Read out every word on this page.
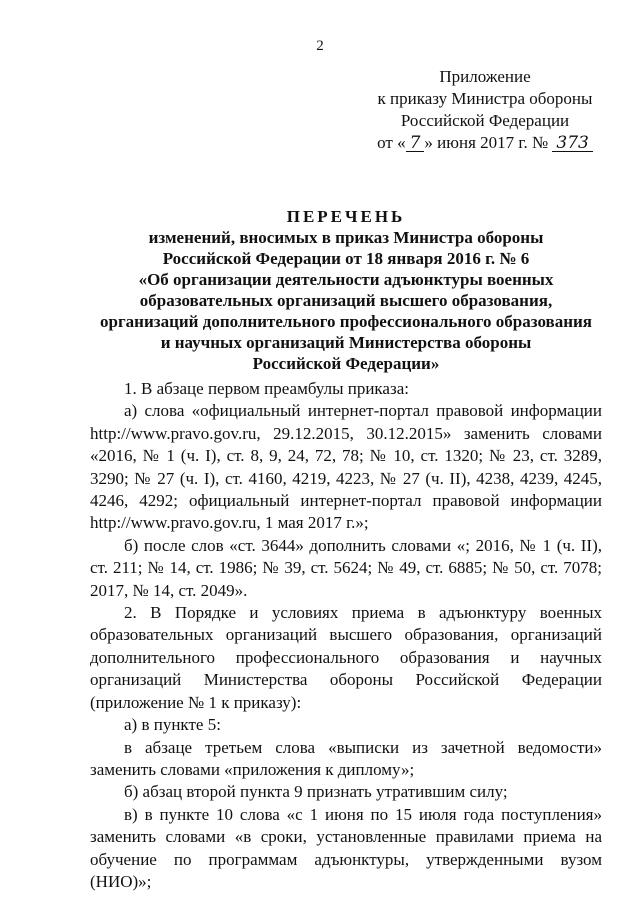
2
Приложение
к приказу Министра обороны
Российской Федерации
от « 7 » июня 2017 г. № 373
ПЕРЕЧЕНЬ
изменений, вносимых в приказ Министра обороны
Российской Федерации от 18 января 2016 г. № 6
«Об организации деятельности адъюнктуры военных
образовательных организаций высшего образования,
организаций дополнительного профессионального образования
и научных организаций Министерства обороны
Российской Федерации»

1. В абзаце первом преамбулы приказа:

а) слова «официальный интернет-портал правовой информации http://www.pravo.gov.ru, 29.12.2015, 30.12.2015» заменить словами «2016, № 1 (ч. I), ст. 8, 9, 24, 72, 78; № 10, ст. 1320; № 23, ст. 3289, 3290; № 27 (ч. I), ст. 4160, 4219, 4223, № 27 (ч. II), 4238, 4239, 4245, 4246, 4292; официальный интернет-портал правовой информации http://www.pravo.gov.ru, 1 мая 2017 г.»;

б) после слов «ст. 3644» дополнить словами «; 2016, № 1 (ч. II), ст. 211; № 14, ст. 1986; № 39, ст. 5624; № 49, ст. 6885; № 50, ст. 7078; 2017, № 14, ст. 2049».

2. В Порядке и условиях приема в адъюнктуру военных образовательных организаций высшего образования, организаций дополнительного профессионального образования и научных организаций Министерства обороны Российской Федерации (приложение № 1 к приказу):

а) в пункте 5:

в абзаце третьем слова «выписки из зачетной ведомости» заменить словами «приложения к диплому»;

б) абзац второй пункта 9 признать утратившим силу;

в) в пункте 10 слова «с 1 июня по 15 июля года поступления» заменить словами «в сроки, установленные правилами приема на обучение по программам адъюнктуры, утвержденными вузом (НИО)»;
